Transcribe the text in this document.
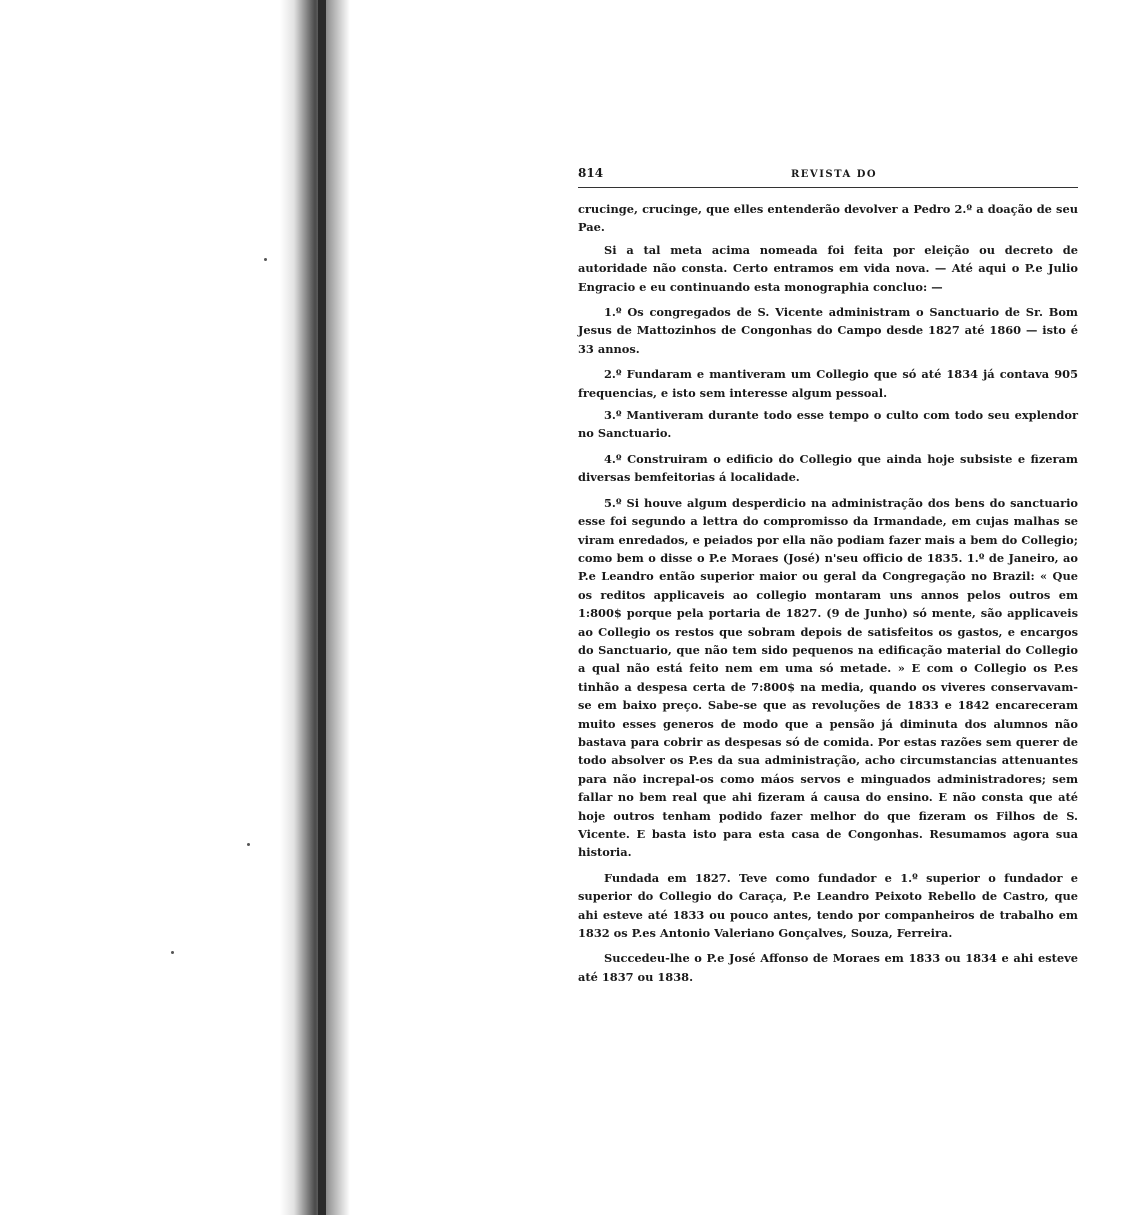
814	REVISTA DO

crucinge, crucinge, que elles entenderão devolver a Pedro 2.º a doação de seu Pae.

Si a tal meta acima nomeada foi feita por eleição ou decreto de autoridade não consta. Certo entramos em vida nova. — Até aqui o P.e Julio Engracio e eu continuando esta monographia concluo: —

1.º Os congregados de S. Vicente administram o Sanctuario de Sr. Bom Jesus de Mattozinhos de Congonhas do Campo desde 1827 até 1860 — isto é 33 annos.

2.º Fundaram e mantiveram um Collegio que só até 1834 já contava 905 frequencias, e isto sem interesse algum pessoal.

3.º Mantiveram durante todo esse tempo o culto com todo seu explendor no Sanctuario.

4.º Construiram o edificio do Collegio que ainda hoje subsiste e fizeram diversas bemfeitorias á localidade.

5.º Si houve algum desperdicio na administração dos bens do sanctuario esse foi segundo a lettra do compromisso da Irmandade, em cujas malhas se viram enredados, e peiados por ella não podiam fazer mais a bem do Collegio; como bem o disse o P.e Moraes (José) n'seu officio de 1835. 1.º de Janeiro, ao P.e Leandro então superior maior ou geral da Congregação no Brazil: « Que os reditos applicaveis ao collegio montaram uns annos pelos outros em 1:800$ porque pela portaria de 1827. (9 de Junho) só mente, são applicaveis ao Collegio os restos que sobram depois de satisfeitos os gastos, e encargos do Sanctuario, que não tem sido pequenos na edificação material do Collegio a qual não está feito nem em uma só metade. » E com o Collegio os P.es tinhão a despesa certa de 7:800$ na media, quando os viveres conservavam-se em baixo preço. Sabe-se que as revoluções de 1833 e 1842 encareceram muito esses generos de modo que a pensão já diminuta dos alumnos não bastava para cobrir as despesas só de comida. Por estas razões sem querer de todo absolver os P.es da sua administração, acho circumstancias attenuantes para não increpal-os como máos servos e minguados administradores; sem fallar no bem real que ahi fizeram á causa do ensino. E não consta que até hoje outros tenham podido fazer melhor do que fizeram os Filhos de S. Vicente. E basta isto para esta casa de Congonhas. Resumamos agora sua historia.

Fundada em 1827. Teve como fundador e 1.º superior o fundador e superior do Collegio do Caraça, P.e Leandro Peixoto Rebello de Castro, que ahi esteve até 1833 ou pouco antes, tendo por companheiros de trabalho em 1832 os P.es Antonio Valeriano Gonçalves, Souza, Ferreira.

Succedeu-lhe o P.e José Affonso de Moraes em 1833 ou 1834 e ahi esteve até 1837 ou 1838.
